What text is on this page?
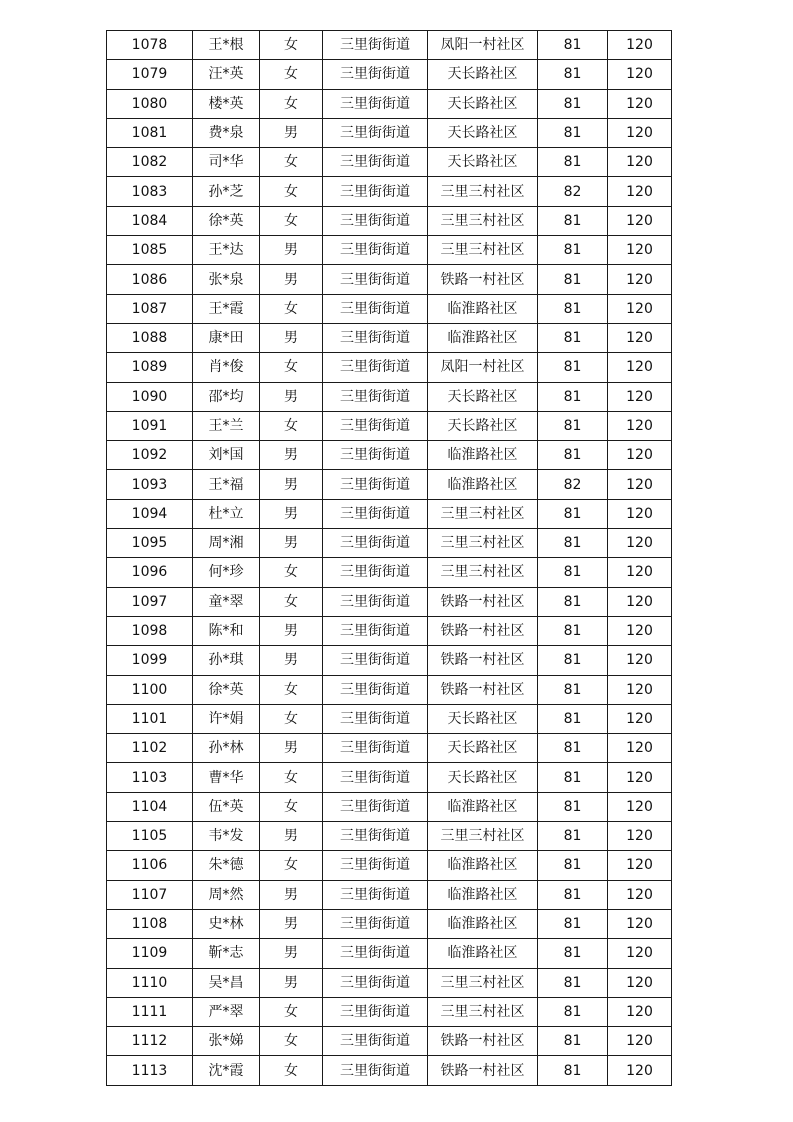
1078	王*根	女	三里街街道	凤阳一村社区	81	120
1079	汪*英	女	三里街街道	天长路社区	81	120
1080	楼*英	女	三里街街道	天长路社区	81	120
1081	费*泉	男	三里街街道	天长路社区	81	120
1082	司*华	女	三里街街道	天长路社区	81	120
1083	孙*芝	女	三里街街道	三里三村社区	82	120
1084	徐*英	女	三里街街道	三里三村社区	81	120
1085	王*达	男	三里街街道	三里三村社区	81	120
1086	张*泉	男	三里街街道	铁路一村社区	81	120
1087	王*霞	女	三里街街道	临淮路社区	81	120
1088	康*田	男	三里街街道	临淮路社区	81	120
1089	肖*俊	女	三里街街道	凤阳一村社区	81	120
1090	邵*均	男	三里街街道	天长路社区	81	120
1091	王*兰	女	三里街街道	天长路社区	81	120
1092	刘*国	男	三里街街道	临淮路社区	81	120
1093	王*福	男	三里街街道	临淮路社区	82	120
1094	杜*立	男	三里街街道	三里三村社区	81	120
1095	周*湘	男	三里街街道	三里三村社区	81	120
1096	何*珍	女	三里街街道	三里三村社区	81	120
1097	童*翠	女	三里街街道	铁路一村社区	81	120
1098	陈*和	男	三里街街道	铁路一村社区	81	120
1099	孙*琪	男	三里街街道	铁路一村社区	81	120
1100	徐*英	女	三里街街道	铁路一村社区	81	120
1101	许*娟	女	三里街街道	天长路社区	81	120
1102	孙*林	男	三里街街道	天长路社区	81	120
1103	曹*华	女	三里街街道	天长路社区	81	120
1104	伍*英	女	三里街街道	临淮路社区	81	120
1105	韦*发	男	三里街街道	三里三村社区	81	120
1106	朱*德	女	三里街街道	临淮路社区	81	120
1107	周*然	男	三里街街道	临淮路社区	81	120
1108	史*林	男	三里街街道	临淮路社区	81	120
1109	靳*志	男	三里街街道	临淮路社区	81	120
1110	吴*昌	男	三里街街道	三里三村社区	81	120
1111	严*翠	女	三里街街道	三里三村社区	81	120
1112	张*娣	女	三里街街道	铁路一村社区	81	120
1113	沈*霞	女	三里街街道	铁路一村社区	81	120
